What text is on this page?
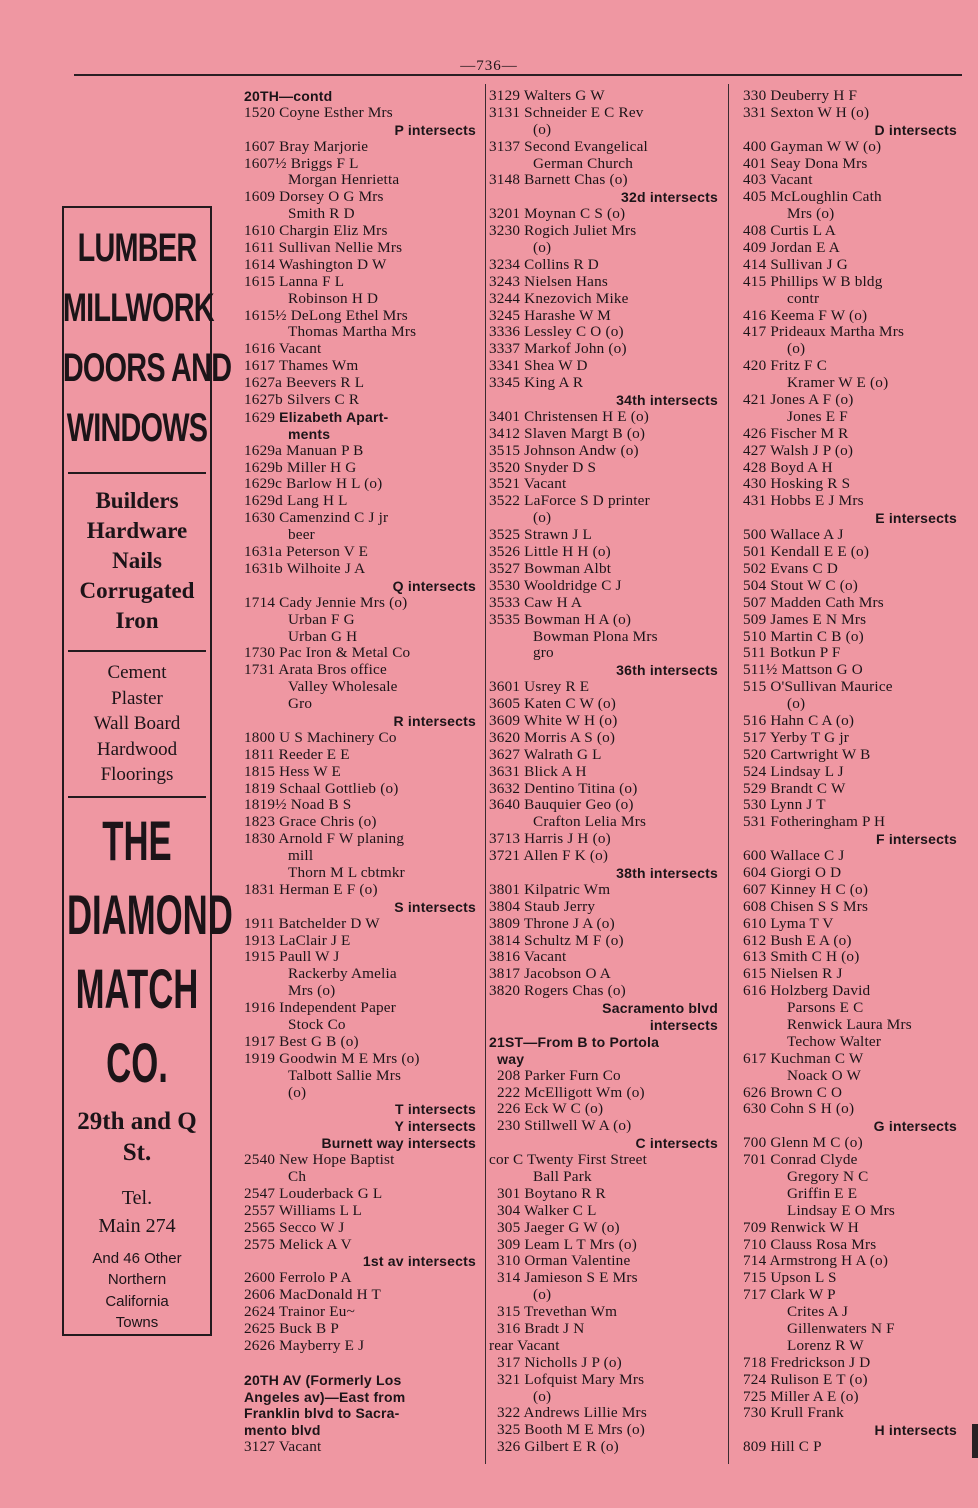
—736—
LUMBER
MILLWORK
DOORS AND
WINDOWS
Builders
Hardware
Nails
Corrugated
Iron
Cement
Plaster
Wall Board
Hardwood
Floorings
THE
DIAMOND
MATCH
CO.
29th and Q
St.
Tel.
Main 274
And 46 Other
Northern
California
Towns
20TH—contd
1520 Coyne Esther Mrs
P intersects
1607 Bray Marjorie
1607½ Briggs F L
Morgan Henrietta
1609 Dorsey O G Mrs
Smith R D
1610 Chargin Eliz Mrs
1611 Sullivan Nellie Mrs
1614 Washington D W
1615 Lanna F L
Robinson H D
1615½ DeLong Ethel Mrs
Thomas Martha Mrs
1616 Vacant
1617 Thames Wm
1627a Beevers R L
1627b Silvers C R
1629 Elizabeth Apart-
ments
1629a Manuan P B
1629b Miller H G
1629c Barlow H L (o)
1629d Lang H L
1630 Camenzind C J jr
beer
1631a Peterson V E
1631b Wilhoite J A
Q intersects
1714 Cady Jennie Mrs (o)
Urban F G
Urban G H
1730 Pac Iron & Metal Co
1731 Arata Bros office
Valley Wholesale
Gro
R intersects
1800 U S Machinery Co
1811 Reeder E E
1815 Hess W E
1819 Schaal Gottlieb (o)
1819½ Noad B S
1823 Grace Chris (o)
1830 Arnold F W planing
mill
Thorn M L cbtmkr
1831 Herman E F (o)
S intersects
1911 Batchelder D W
1913 LaClair J E
1915 Paull W J
Rackerby Amelia
Mrs (o)
1916 Independent Paper
Stock Co
1917 Best G B (o)
1919 Goodwin M E Mrs (o)
Talbott Sallie Mrs
(o)
T intersects
Y intersects
Burnett way intersects
2540 New Hope Baptist
Ch
2547 Louderback G L
2557 Williams L L
2565 Secco W J
2575 Melick A V
1st av intersects
2600 Ferrolo P A
2606 MacDonald H T
2624 Trainor Eu~
2625 Buck B P
2626 Mayberry E J
20TH AV (Formerly Los
Angeles av)—East from
Franklin blvd to Sacra-
mento blvd
3127 Vacant
3129 Walters G W
3131 Schneider E C Rev
(o)
3137 Second Evangelical
German Church
3148 Barnett Chas (o)
32d intersects
3201 Moynan C S (o)
3230 Rogich Juliet Mrs
(o)
3234 Collins R D
3243 Nielsen Hans
3244 Knezovich Mike
3245 Harashe W M
3336 Lessley C O (o)
3337 Markof John (o)
3341 Shea W D
3345 King A R
34th intersects
3401 Christensen H E (o)
3412 Slaven Margt B (o)
3515 Johnson Andw (o)
3520 Snyder D S
3521 Vacant
3522 LaForce S D printer
(o)
3525 Strawn J L
3526 Little H H (o)
3527 Bowman Albt
3530 Wooldridge C J
3533 Caw H A
3535 Bowman H A (o)
Bowman Plona Mrs
gro
36th intersects
3601 Usrey R E
3605 Katen C W (o)
3609 White W H (o)
3620 Morris A S (o)
3627 Walrath G L
3631 Blick A H
3632 Dentino Titina (o)
3640 Bauquier Geo (o)
Crafton Lelia Mrs
3713 Harris J H (o)
3721 Allen F K (o)
38th intersects
3801 Kilpatric Wm
3804 Staub Jerry
3809 Throne J A (o)
3814 Schultz M F (o)
3816 Vacant
3817 Jacobson O A
3820 Rogers Chas (o)
Sacramento blvd
intersects
21ST—From B to Portola
way
208 Parker Furn Co
222 McElligott Wm (o)
226 Eck W C (o)
230 Stillwell W A (o)
C intersects
cor C Twenty First Street
Ball Park
301 Boytano R R
304 Walker C L
305 Jaeger G W (o)
309 Leam L T Mrs (o)
310 Orman Valentine
314 Jamieson S E Mrs
(o)
315 Trevethan Wm
316 Bradt J N
rear Vacant
317 Nicholls J P (o)
321 Lofquist Mary Mrs
(o)
322 Andrews Lillie Mrs
325 Booth M E Mrs (o)
326 Gilbert E R (o)
330 Deuberry H F
331 Sexton W H (o)
D intersects
400 Gayman W W (o)
401 Seay Dona Mrs
403 Vacant
405 McLoughlin Cath
Mrs (o)
408 Curtis L A
409 Jordan E A
414 Sullivan J G
415 Phillips W B bldg
contr
416 Keema F W (o)
417 Prideaux Martha Mrs
(o)
420 Fritz F C
Kramer W E (o)
421 Jones A F (o)
Jones E F
426 Fischer M R
427 Walsh J P (o)
428 Boyd A H
430 Hosking R S
431 Hobbs E J Mrs
E intersects
500 Wallace A J
501 Kendall E E (o)
502 Evans C D
504 Stout W C (o)
507 Madden Cath Mrs
509 James E N Mrs
510 Martin C B (o)
511 Botkun P F
511½ Mattson G O
515 O'Sullivan Maurice
(o)
516 Hahn C A (o)
517 Yerby T G jr
520 Cartwright W B
524 Lindsay L J
529 Brandt C W
530 Lynn J T
531 Fotheringham P H
F intersects
600 Wallace C J
604 Giorgi O D
607 Kinney H C (o)
608 Chisen S S Mrs
610 Lyma T V
612 Bush E A (o)
613 Smith C H (o)
615 Nielsen R J
616 Holzberg David
Parsons E C
Renwick Laura Mrs
Techow Walter
617 Kuchman C W
Noack O W
626 Brown C O
630 Cohn S H (o)
G intersects
700 Glenn M C (o)
701 Conrad Clyde
Gregory N C
Griffin E E
Lindsay E O Mrs
709 Renwick W H
710 Clauss Rosa Mrs
714 Armstrong H A (o)
715 Upson L S
717 Clark W P
Crites A J
Gillenwaters N F
Lorenz R W
718 Fredrickson J D
724 Rulison E T (o)
725 Miller A E (o)
730 Krull Frank
H intersects
809 Hill C P
